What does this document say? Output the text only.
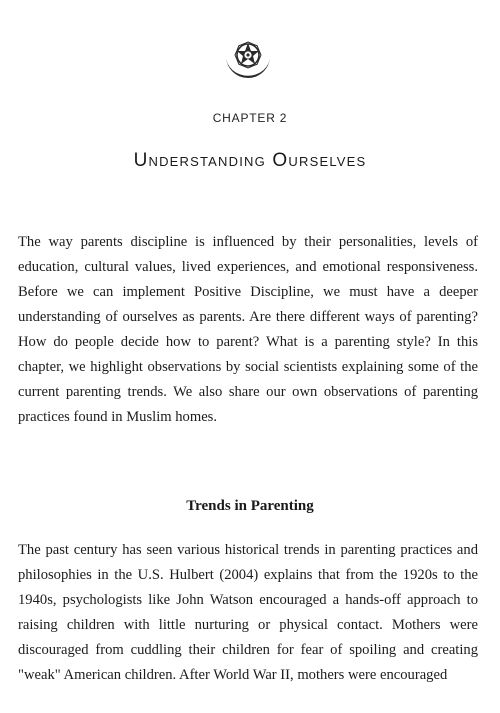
CHAPTER 2
Understanding Ourselves

The way parents discipline is influenced by their personalities, levels of education, cultural values, lived experiences, and emotional responsiveness. Before we can implement Positive Discipline, we must have a deeper understanding of ourselves as parents. Are there different ways of parenting? How do people decide how to parent? What is a parenting style? In this chapter, we highlight observations by social scientists explaining some of the current parenting trends. We also share our own observations of parenting practices found in Muslim homes.

Trends in Parenting

The past century has seen various historical trends in parenting practices and philosophies in the U.S. Hulbert (2004) explains that from the 1920s to the 1940s, psychologists like John Watson encouraged a hands-off approach to raising children with little nurturing or physical contact. Mothers were discouraged from cuddling their children for fear of spoiling and creating "weak" American children. After World War II, mothers were encouraged
